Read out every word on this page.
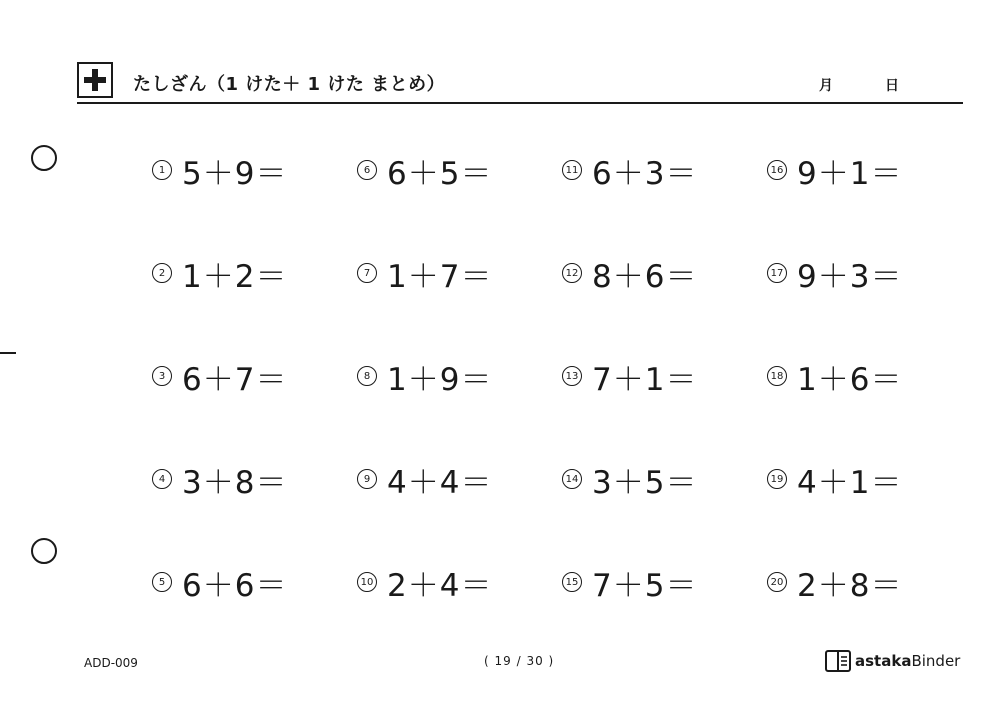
たしざん（1 けた＋ 1 けた まとめ）	月	日
1 5＋9＝
2 1＋2＝
3 6＋7＝
4 3＋8＝
5 6＋6＝
6 6＋5＝
7 1＋7＝
8 1＋9＝
9 4＋4＝
10 2＋4＝
11 6＋3＝
12 8＋6＝
13 7＋1＝
14 3＋5＝
15 7＋5＝
16 9＋1＝
17 9＋3＝
18 1＋6＝
19 4＋1＝
20 2＋8＝
ADD-009	( 19 / 30 )	astaka Binder
